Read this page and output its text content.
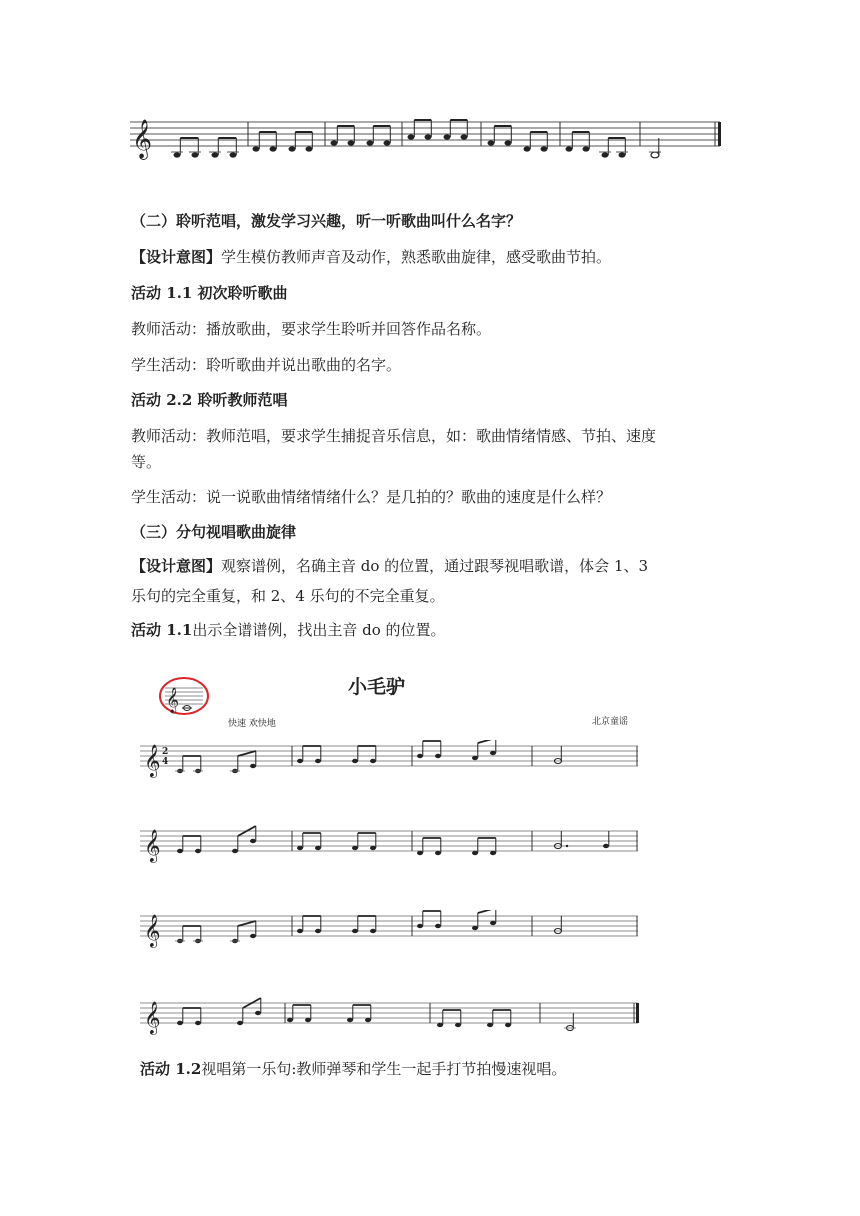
𝄞
（二）聆听范唱，激发学习兴趣，听一听歌曲叫什么名字？
【设计意图】学生模仿教师声音及动作，熟悉歌曲旋律，感受歌曲节拍。
活动 1.1 初次聆听歌曲
教师活动：播放歌曲，要求学生聆听并回答作品名称。
学生活动：聆听歌曲并说出歌曲的名字。
活动 2.2 聆听教师范唱
教师活动：教师范唱，要求学生捕捉音乐信息，如：歌曲情绪情感、节拍、速度
等。
学生活动：说一说歌曲情绪情绪什么？是几拍的？歌曲的速度是什么样？
（三）分句视唱歌曲旋律
【设计意图】观察谱例，名确主音 do 的位置，通过跟琴视唱歌谱，体会 1、3
乐句的完全重复，和 2、4 乐句的不完全重复。
活动 1.1出示全谱谱例，找出主音 do 的位置。
𝄞
小毛驴
快速 欢快地	北京童谣
𝄞 2
4
𝄞
𝄞
𝄞
活动 1.2视唱第一乐句:教师弹琴和学生一起手打节拍慢速视唱。
